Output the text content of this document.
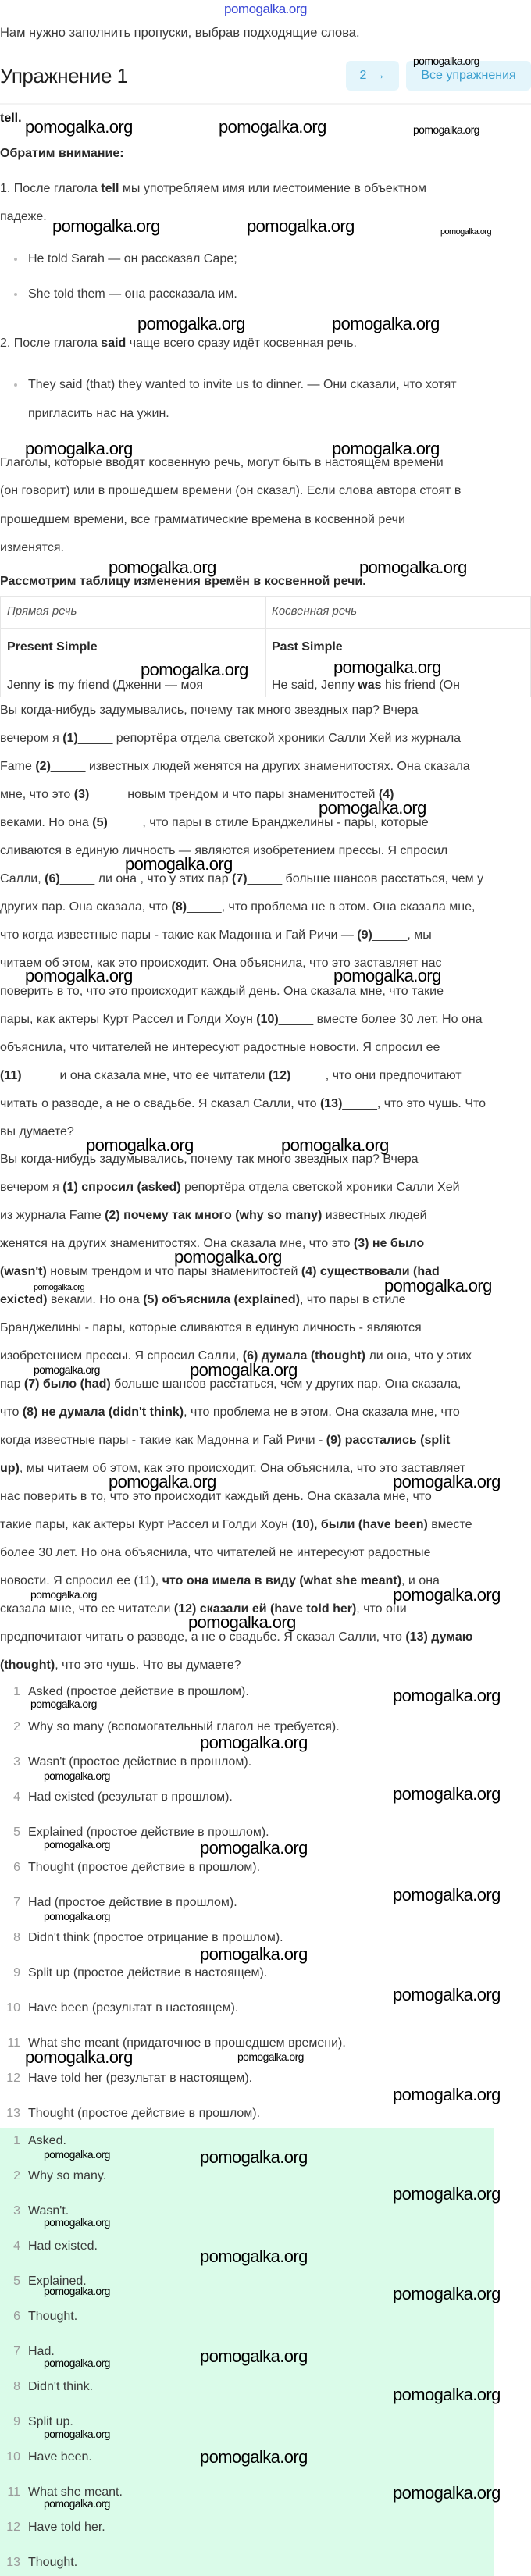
pomogalka.org
Нам нужно заполнить пропуски, выбрав подходящие слова.
Упражнение 1	2 →	Все упражнения
tell.
Обратим внимание:
1. После глагола tell мы употребляем имя или местоимение в объектном
падеже.
He told Sarah — он рассказал Саре;
She told them — она рассказала им.
2. После глагола said чаще всего сразу идёт косвенная речь.
They said (that) they wanted to invite us to dinner. — Они сказали, что хотят
пригласить нас на ужин.
Глаголы, которые вводят косвенную речь, могут быть в настоящем времени
(он говорит) или в прошедшем времени (он сказал). Если слова автора стоят в
прошедшем времени, все грамматические времена в косвенной речи
изменятся.
Рассмотрим таблицу изменения времён в косвенной речи.
Прямая речь	Косвенная речь
Present Simple	Past Simple
Jenny is my friend (Дженни — моя	He said, Jenny was his friend (Он
Вы когда-нибудь задумывались, почему так много звездных пар? Вчера
вечером я (1)_____ репортёра отдела светской хроники Салли Хей из журнала
Fame (2)_____ известных людей женятся на других знаменитостях. Она сказала
мне, что это (3)_____ новым трендом и что пары знаменитостей (4)_____
веками. Но она (5)_____, что пары в стиле Бранджелины - пары, которые
сливаются в единую личность — являются изобретением прессы. Я спросил
Салли, (6)_____ ли она , что у этих пар (7)_____ больше шансов расстаться, чем у
других пар. Она сказала, что (8)_____, что проблема не в этом. Она сказала мне,
что когда известные пары - такие как Мадонна и Гай Ричи — (9)_____, мы
читаем об этом, как это происходит. Она объяснила, что это заставляет нас
поверить в то, что это происходит каждый день. Она сказала мне, что такие
пары, как актеры Курт Рассел и Голди Хоун (10)_____ вместе более 30 лет. Но она
объяснила, что читателей не интересуют радостные новости. Я спросил ее
(11)_____ и она сказала мне, что ее читатели (12)_____, что они предпочитают
читать о разводе, а не о свадьбе. Я сказал Салли, что (13)_____, что это чушь. Что
вы думаете?
Вы когда-нибудь задумывались, почему так много звездных пар? Вчера
вечером я (1) спросил (asked) репортёра отдела светской хроники Салли Хей
из журнала Fame (2) почему так много (why so many) известных людей
женятся на других знаменитостях. Она сказала мне, что это (3) не было
(wasn't) новым трендом и что пары знаменитостей (4) существовали (had
exicted) веками. Но она (5) объяснила (explained), что пары в стиле
Бранджелины - пары, которые сливаются в единую личность - являются
изобретением прессы. Я спросил Салли, (6) думала (thought) ли она, что у этих
пар (7) было (had) больше шансов расстаться, чем у других пар. Она сказала,
что (8) не думала (didn't think), что проблема не в этом. Она сказала мне, что
когда известные пары - такие как Мадонна и Гай Ричи - (9) расстались (split
up), мы читаем об этом, как это происходит. Она объяснила, что это заставляет
нас поверить в то, что это происходит каждый день. Она сказала мне, что
такие пары, как актеры Курт Рассел и Голди Хоун (10), были (have been) вместе
более 30 лет. Но она объяснила, что читателей не интересуют радостные
новости. Я спросил ее (11), что она имела в виду (what she meant), и она
сказала мне, что ее читатели (12) сказали ей (have told her), что они
предпочитают читать о разводе, а не о свадьбе. Я сказал Салли, что (13) думаю
(thought), что это чушь. Что вы думаете?
1 Asked (простое действие в прошлом).
2 Why so many (вспомогательный глагол не требуется).
3 Wasn't (простое действие в прошлом).
4 Had existed (результат в прошлом).
5 Explained (простое действие в прошлом).
6 Thought (простое действие в прошлом).
7 Had (простое действие в прошлом).
8 Didn't think (простое отрицание в прошлом).
9 Split up (простое действие в настоящем).
10 Have been (результат в настоящем).
11 What she meant (придаточное в прошедшем времени).
12 Have told her (результат в настоящем).
13 Thought (простое действие в прошлом).
1 Asked.
2 Why so many.
3 Wasn't.
4 Had existed.
5 Explained.
6 Thought.
7 Had.
8 Didn't think.
9 Split up.
10 Have been.
11 What she meant.
12 Have told her.
13 Thought.
pomogalka.org	pomogalka.org	pomogalka.org
pomogalka.org
pomogalka.org	pomogalka.org	pomogalka.org
pomogalka.org	pomogalka.org
pomogalka.org	pomogalka.org
pomogalka.org	pomogalka.org
pomogalka.org	pomogalka.org
pomogalka.org
pomogalka.org
pomogalka.org	pomogalka.org
pomogalka.org	pomogalka.org
pomogalka.org
pomogalka.org	pomogalka.org
pomogalka.org	pomogalka.org
pomogalka.org	pomogalka.org
pomogalka.org	pomogalka.org
pomogalka.org
pomogalka.org
pomogalka.org
pomogalka.org
pomogalka.org
pomogalka.org
pomogalka.org	pomogalka.org
pomogalka.org
pomogalka.org
pomogalka.org
pomogalka.org
pomogalka.org	pomogalka.org
pomogalka.org
pomogalka.org	pomogalka.org
pomogalka.org
pomogalka.org
pomogalka.org
pomogalka.org	pomogalka.org
pomogalka.org	pomogalka.org
pomogalka.org
pomogalka.org
pomogalka.org
pomogalka.org
pomogalka.org
